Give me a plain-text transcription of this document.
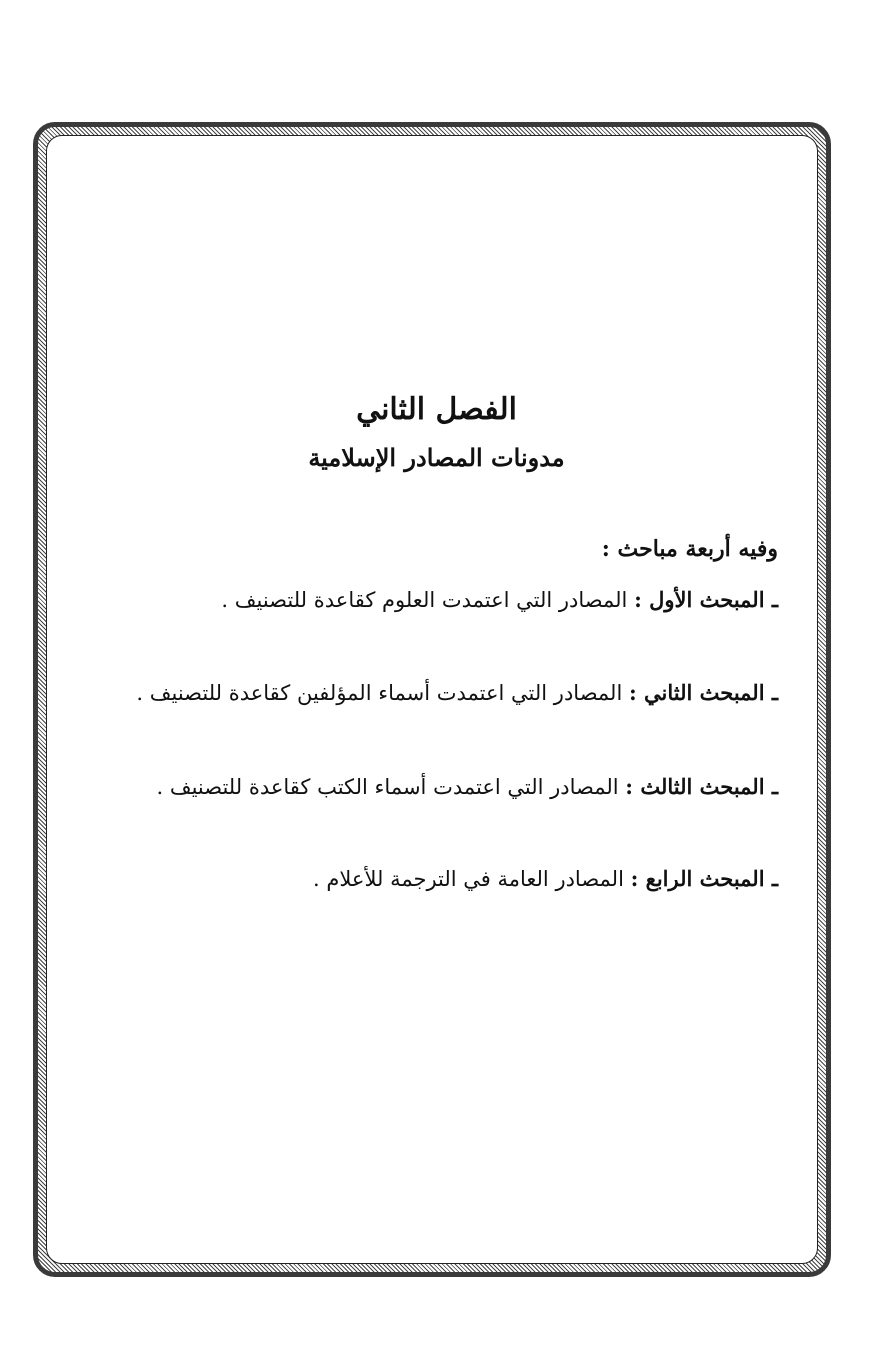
الفصل الثاني
مدونات المصادر الإسلامية
وفيه أربعة مباحث :
ـ المبحث الأول : المصادر التي اعتمدت العلوم كقاعدة للتصنيف .
ـ المبحث الثاني : المصادر التي اعتمدت أسماء المؤلفين كقاعدة للتصنيف .
ـ المبحث الثالث : المصادر التي اعتمدت أسماء الكتب كقاعدة للتصنيف .
ـ المبحث الرابع : المصادر العامة في الترجمة للأعلام .
